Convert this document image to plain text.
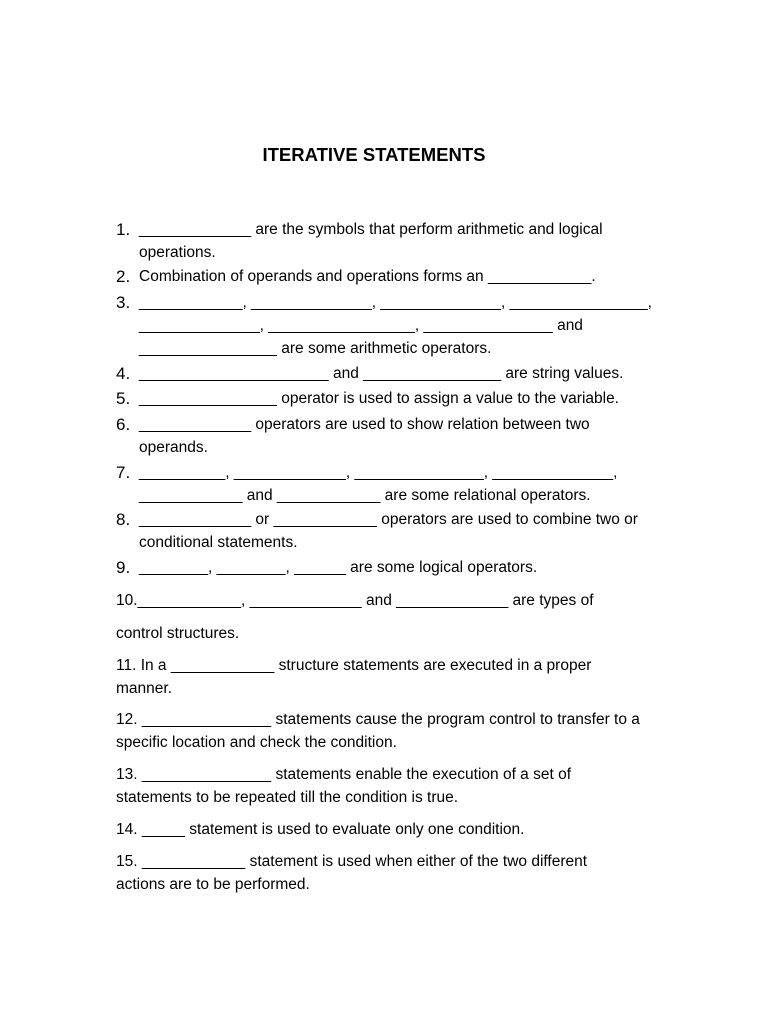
ITERATIVE STATEMENTS
1. _____________ are the symbols that perform arithmetic and logical
operations.
2. Combination of operands and operations forms an ____________.
3. ____________, ______________, ______________, ________________,
______________, _________________, _______________ and
________________ are some arithmetic operators.
4. ______________________ and ________________ are string values.
5. ________________ operator is used to assign a value to the variable.
6. _____________ operators are used to show relation between two
operands.
7. __________, _____________, _______________, ______________,
____________ and ____________ are some relational operators.
8. _____________ or ____________ operators are used to combine two or
conditional statements.
9. ________, ________, ______ are some logical operators.
10.____________, _____________ and _____________ are types of
control structures.
11. In a ____________ structure statements are executed in a proper
manner.
12. _______________ statements cause the program control to transfer to a
specific location and check the condition.
13. _______________ statements enable the execution of a set of
statements to be repeated till the condition is true.
14. _____ statement is used to evaluate only one condition.
15. ____________ statement is used when either of the two different
actions are to be performed.
